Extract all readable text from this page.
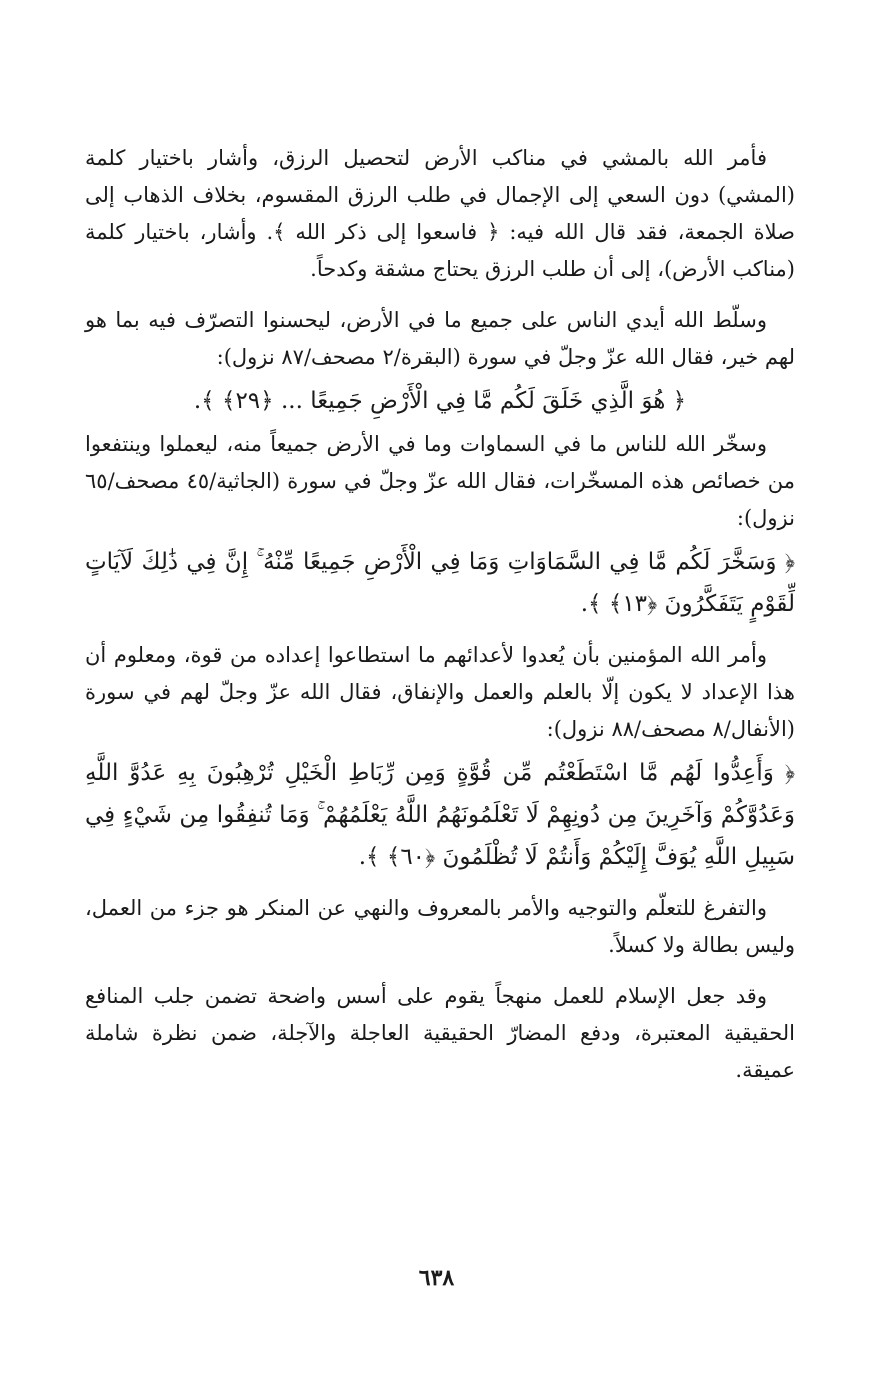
فأمر الله بالمشي في مناكب الأرض لتحصيل الرزق، وأشار باختيار كلمة (المشي) دون السعي إلى الإجمال في طلب الرزق المقسوم، بخلاف الذهاب إلى صلاة الجمعة، فقد قال الله فيه: ﴿ فاسعوا إلى ذكر الله ﴾. وأشار، باختيار كلمة (مناكب الأرض)، إلى أن طلب الرزق يحتاج مشقة وكدحاً.

وسلّط الله أيدي الناس على جميع ما في الأرض، ليحسنوا التصرّف فيه بما هو لهم خير، فقال الله عزّ وجلّ في سورة (البقرة/٢ مصحف/٨٧ نزول):

﴿ هُوَ الَّذِي خَلَقَ لَكُم مَّا فِي الْأَرْضِ جَمِيعًا ... ﴿٢٩﴾ ﴾.

وسخّر الله للناس ما في السماوات وما في الأرض جميعاً منه، ليعملوا وينتفعوا من خصائص هذه المسخّرات، فقال الله عزّ وجلّ في سورة (الجاثية/٤٥ مصحف/٦٥ نزول):

﴿ وَسَخَّرَ لَكُم مَّا فِي السَّمَاوَاتِ وَمَا فِي الْأَرْضِ جَمِيعًا مِّنْهُ ۚ إِنَّ فِي ذَٰلِكَ لَآيَاتٍ لِّقَوْمٍ يَتَفَكَّرُونَ ﴿١٣﴾ ﴾.

وأمر الله المؤمنين بأن يُعدوا لأعدائهم ما استطاعوا إعداده من قوة، ومعلوم أن هذا الإعداد لا يكون إلّا بالعلم والعمل والإنفاق، فقال الله عزّ وجلّ لهم في سورة (الأنفال/٨ مصحف/٨٨ نزول):

﴿ وَأَعِدُّوا لَهُم مَّا اسْتَطَعْتُم مِّن قُوَّةٍ وَمِن رِّبَاطِ الْخَيْلِ تُرْهِبُونَ بِهِ عَدُوَّ اللَّهِ وَعَدُوَّكُمْ وَآخَرِينَ مِن دُونِهِمْ لَا تَعْلَمُونَهُمُ اللَّهُ يَعْلَمُهُمْ ۚ وَمَا تُنفِقُوا مِن شَيْءٍ فِي سَبِيلِ اللَّهِ يُوَفَّ إِلَيْكُمْ وَأَنتُمْ لَا تُظْلَمُونَ ﴿٦٠﴾ ﴾.

والتفرغ للتعلّم والتوجيه والأمر بالمعروف والنهي عن المنكر هو جزء من العمل، وليس بطالة ولا كسلاً.

وقد جعل الإسلام للعمل منهجاً يقوم على أسس واضحة تضمن جلب المنافع الحقيقية المعتبرة، ودفع المضارّ الحقيقية العاجلة والآجلة، ضمن نظرة شاملة عميقة.

٦٣٨
